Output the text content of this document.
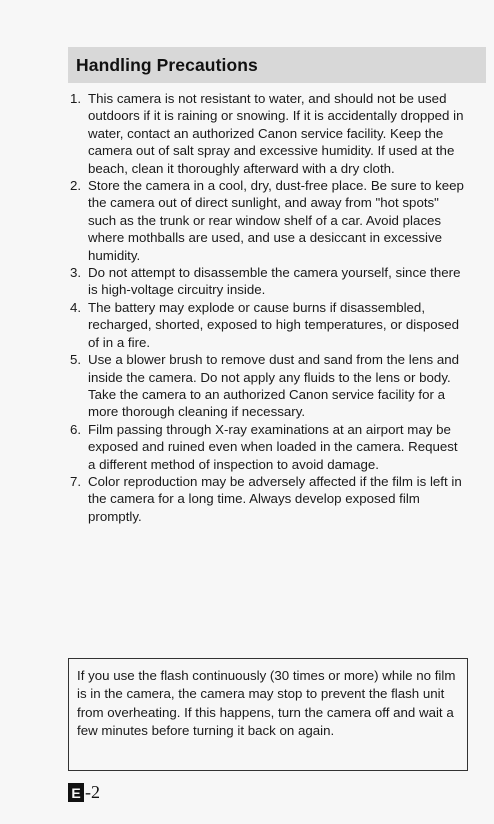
Handling Precautions
1. This camera is not resistant to water, and should not be used outdoors if it is raining or snowing. If it is accidentally dropped in water, contact an authorized Canon service facility. Keep the camera out of salt spray and excessive humidity. If used at the beach, clean it thoroughly afterward with a dry cloth.
2. Store the camera in a cool, dry, dust-free place. Be sure to keep the camera out of direct sunlight, and away from "hot spots" such as the trunk or rear window shelf of a car. Avoid places where mothballs are used, and use a desiccant in excessive humidity.
3. Do not attempt to disassemble the camera yourself, since there is high-voltage circuitry inside.
4. The battery may explode or cause burns if disassembled, recharged, shorted, exposed to high temperatures, or disposed of in a fire.
5. Use a blower brush to remove dust and sand from the lens and inside the camera. Do not apply any fluids to the lens or body. Take the camera to an authorized Canon service facility for a more thorough cleaning if necessary.
6. Film passing through X-ray examinations at an airport may be exposed and ruined even when loaded in the camera. Request a different method of inspection to avoid damage.
7. Color reproduction may be adversely affected if the film is left in the camera for a long time. Always develop exposed film promptly.
If you use the flash continuously (30 times or more) while no film is in the camera, the camera may stop to prevent the flash unit from overheating. If this happens, turn the camera off and wait a few minutes before turning it back on again.
E -2
